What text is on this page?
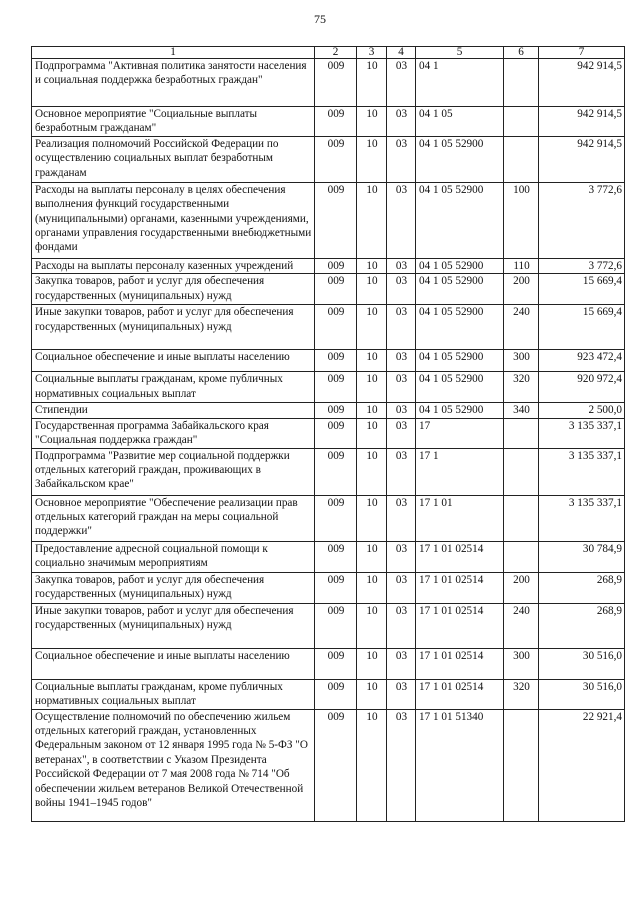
75
1	2	3	4	5	6	7
Подпрограмма "Активная политика занятости населения и социальная поддержка безработных граждан"	009	10	03	04 1		942 914,5
Основное мероприятие "Социальные выплаты безработным гражданам"	009	10	03	04 1 05		942 914,5
Реализация полномочий Российской Федерации по осуществлению социальных выплат безработным гражданам	009	10	03	04 1 05 52900		942 914,5
Расходы на выплаты персоналу в целях обеспечения выполнения функций государственными (муниципальными) органами, казенными учреждениями, органами управления государственными внебюджетными фондами	009	10	03	04 1 05 52900	100	3 772,6
Расходы на выплаты персоналу казенных учреждений	009	10	03	04 1 05 52900	110	3 772,6
Закупка товаров, работ и услуг для обеспечения государственных (муниципальных) нужд	009	10	03	04 1 05 52900	200	15 669,4
Иные закупки товаров, работ и услуг для обеспечения государственных (муниципальных) нужд	009	10	03	04 1 05 52900	240	15 669,4
Социальное обеспечение и иные выплаты населению	009	10	03	04 1 05 52900	300	923 472,4
Социальные выплаты гражданам, кроме публичных нормативных социальных выплат	009	10	03	04 1 05 52900	320	920 972,4
Стипендии	009	10	03	04 1 05 52900	340	2 500,0
Государственная программа Забайкальского края "Социальная поддержка граждан"	009	10	03	17		3 135 337,1
Подпрограмма "Развитие мер социальной поддержки отдельных категорий граждан, проживающих в Забайкальском крае"	009	10	03	17 1		3 135 337,1
Основное мероприятие "Обеспечение реализации прав отдельных категорий граждан на меры социальной поддержки"	009	10	03	17 1 01		3 135 337,1
Предоставление адресной социальной помощи к социально значимым мероприятиям	009	10	03	17 1 01 02514		30 784,9
Закупка товаров, работ и услуг для обеспечения государственных (муниципальных) нужд	009	10	03	17 1 01 02514	200	268,9
Иные закупки товаров, работ и услуг для обеспечения государственных (муниципальных) нужд	009	10	03	17 1 01 02514	240	268,9
Социальное обеспечение и иные выплаты населению	009	10	03	17 1 01 02514	300	30 516,0
Социальные выплаты гражданам, кроме публичных нормативных социальных выплат	009	10	03	17 1 01 02514	320	30 516,0
Осуществление полномочий по обеспечению жильем отдельных категорий граждан, установленных Федеральным законом от 12 января 1995 года № 5-ФЗ "О ветеранах", в соответствии с Указом Президента Российской Федерации от 7 мая 2008 года № 714 "Об обеспечении жильем ветеранов Великой Отечественной войны 1941–1945 годов"	009	10	03	17 1 01 51340		22 921,4
